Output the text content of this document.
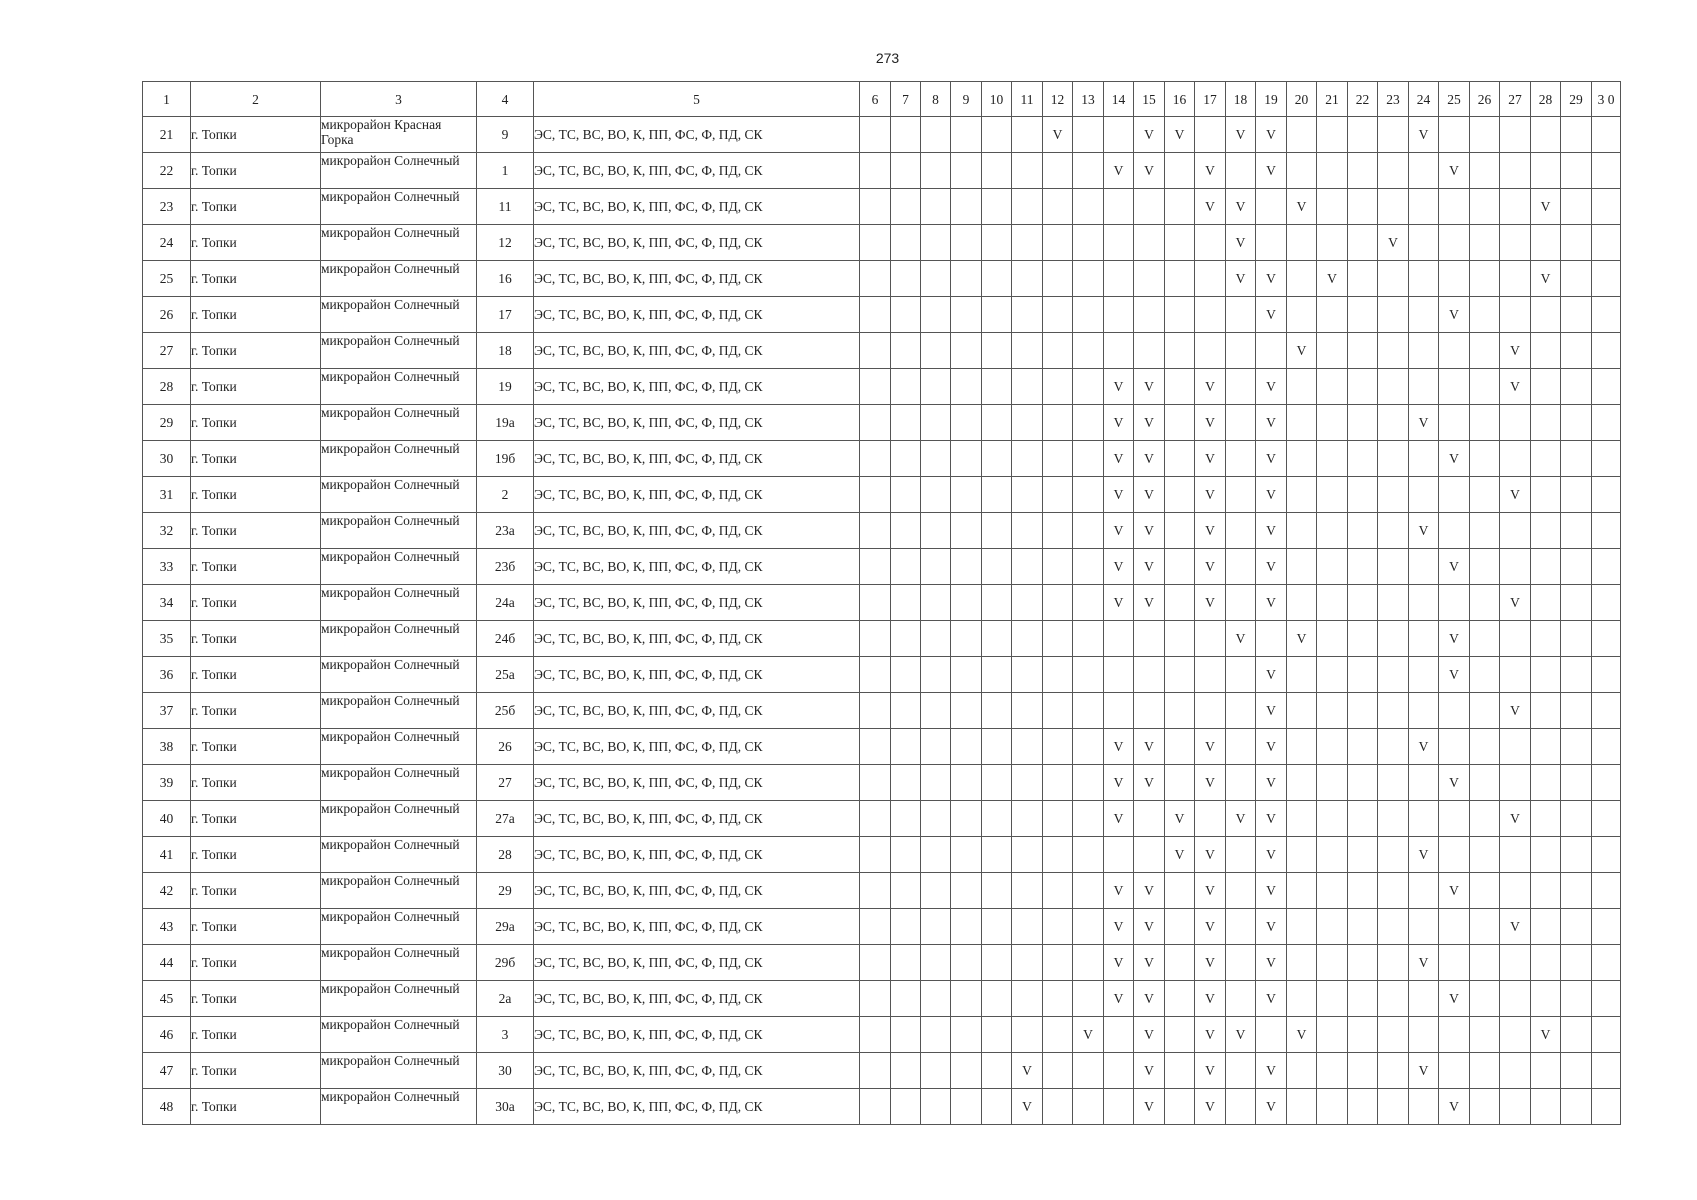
273
1	2	3	4	5	6	7	8	9	10	11	12	13	14	15	16	17	18	19	20	21	22	23	24	25	26	27	28	29	3 0
21	г. Топки	микрорайон Красная Горка	9	ЭС, ТС, ВС, ВО, К, ПП, ФС, Ф, ПД, СК							V			V	V		V	V					V						
22	г. Топки	микрорайон Солнечный	1	ЭС, ТС, ВС, ВО, К, ПП, ФС, Ф, ПД, СК									V	V		V		V						V					
23	г. Топки	микрорайон Солнечный	11	ЭС, ТС, ВС, ВО, К, ПП, ФС, Ф, ПД, СК												V	V		V								V		
24	г. Топки	микрорайон Солнечный	12	ЭС, ТС, ВС, ВО, К, ПП, ФС, Ф, ПД, СК													V					V							
25	г. Топки	микрорайон Солнечный	16	ЭС, ТС, ВС, ВО, К, ПП, ФС, Ф, ПД, СК													V	V		V							V		
26	г. Топки	микрорайон Солнечный	17	ЭС, ТС, ВС, ВО, К, ПП, ФС, Ф, ПД, СК														V						V					
27	г. Топки	микрорайон Солнечный	18	ЭС, ТС, ВС, ВО, К, ПП, ФС, Ф, ПД, СК															V							V			
28	г. Топки	микрорайон Солнечный	19	ЭС, ТС, ВС, ВО, К, ПП, ФС, Ф, ПД, СК									V	V		V		V								V			
29	г. Топки	микрорайон Солнечный	19а	ЭС, ТС, ВС, ВО, К, ПП, ФС, Ф, ПД, СК									V	V		V		V					V						
30	г. Топки	микрорайон Солнечный	19б	ЭС, ТС, ВС, ВО, К, ПП, ФС, Ф, ПД, СК									V	V		V		V						V					
31	г. Топки	микрорайон Солнечный	2	ЭС, ТС, ВС, ВО, К, ПП, ФС, Ф, ПД, СК									V	V		V		V								V			
32	г. Топки	микрорайон Солнечный	23а	ЭС, ТС, ВС, ВО, К, ПП, ФС, Ф, ПД, СК									V	V		V		V					V						
33	г. Топки	микрорайон Солнечный	23б	ЭС, ТС, ВС, ВО, К, ПП, ФС, Ф, ПД, СК									V	V		V		V						V					
34	г. Топки	микрорайон Солнечный	24а	ЭС, ТС, ВС, ВО, К, ПП, ФС, Ф, ПД, СК									V	V		V		V								V			
35	г. Топки	микрорайон Солнечный	24б	ЭС, ТС, ВС, ВО, К, ПП, ФС, Ф, ПД, СК													V		V					V					
36	г. Топки	микрорайон Солнечный	25а	ЭС, ТС, ВС, ВО, К, ПП, ФС, Ф, ПД, СК														V						V					
37	г. Топки	микрорайон Солнечный	25б	ЭС, ТС, ВС, ВО, К, ПП, ФС, Ф, ПД, СК														V								V			
38	г. Топки	микрорайон Солнечный	26	ЭС, ТС, ВС, ВО, К, ПП, ФС, Ф, ПД, СК									V	V		V		V					V						
39	г. Топки	микрорайон Солнечный	27	ЭС, ТС, ВС, ВО, К, ПП, ФС, Ф, ПД, СК									V	V		V		V						V					
40	г. Топки	микрорайон Солнечный	27а	ЭС, ТС, ВС, ВО, К, ПП, ФС, Ф, ПД, СК									V		V		V	V								V			
41	г. Топки	микрорайон Солнечный	28	ЭС, ТС, ВС, ВО, К, ПП, ФС, Ф, ПД, СК											V	V		V					V						
42	г. Топки	микрорайон Солнечный	29	ЭС, ТС, ВС, ВО, К, ПП, ФС, Ф, ПД, СК									V	V		V		V						V					
43	г. Топки	микрорайон Солнечный	29а	ЭС, ТС, ВС, ВО, К, ПП, ФС, Ф, ПД, СК									V	V		V		V								V			
44	г. Топки	микрорайон Солнечный	29б	ЭС, ТС, ВС, ВО, К, ПП, ФС, Ф, ПД, СК									V	V		V		V					V						
45	г. Топки	микрорайон Солнечный	2а	ЭС, ТС, ВС, ВО, К, ПП, ФС, Ф, ПД, СК									V	V		V		V						V					
46	г. Топки	микрорайон Солнечный	3	ЭС, ТС, ВС, ВО, К, ПП, ФС, Ф, ПД, СК								V		V		V	V		V								V		
47	г. Топки	микрорайон Солнечный	30	ЭС, ТС, ВС, ВО, К, ПП, ФС, Ф, ПД, СК						V				V		V		V					V						
48	г. Топки	микрорайон Солнечный	30а	ЭС, ТС, ВС, ВО, К, ПП, ФС, Ф, ПД, СК						V				V		V		V						V					
